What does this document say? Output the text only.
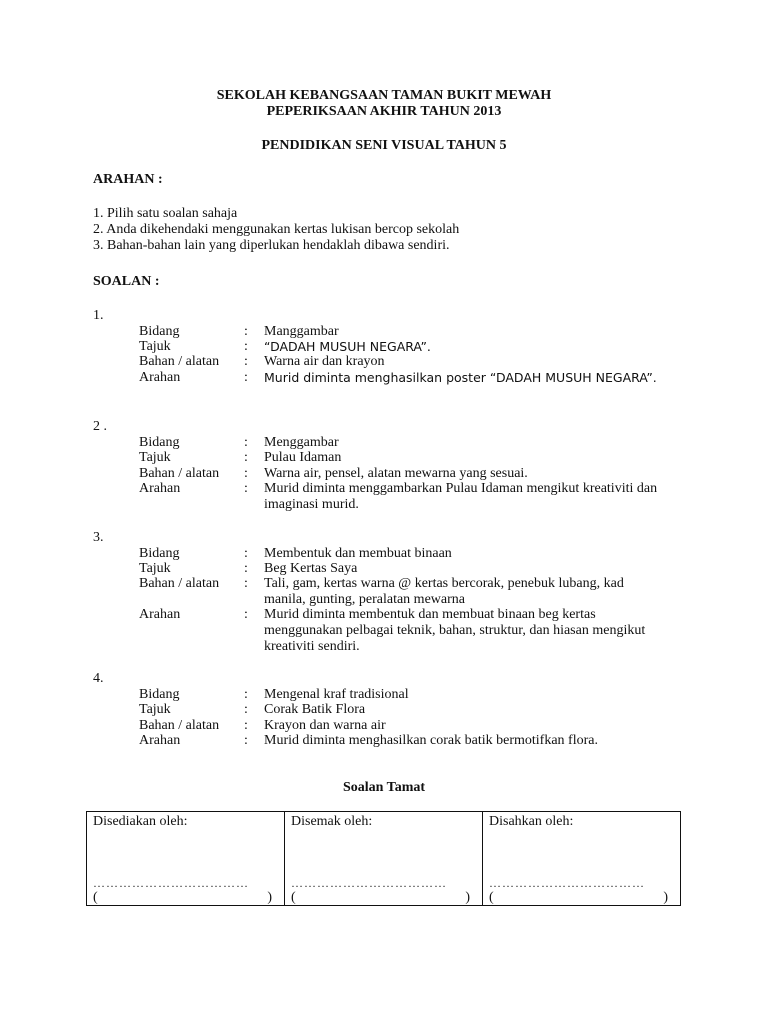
SEKOLAH KEBANGSAAN TAMAN BUKIT MEWAH
PEPERIKSAAN AKHIR TAHUN 2013
PENDIDIKAN SENI VISUAL TAHUN 5
ARAHAN :
1. Pilih satu soalan sahaja
2. Anda dikehendaki menggunakan kertas lukisan bercop sekolah
3. Bahan-bahan lain yang diperlukan hendaklah dibawa sendiri.
SOALAN :
1.
Bidang	:	Manggambar
Tajuk	:	“DADAH MUSUH NEGARA”.
Bahan / alatan	:	Warna air dan krayon
Arahan	:	Murid diminta menghasilkan poster “DADAH MUSUH NEGARA”.
2 .
Bidang	:	Menggambar
Tajuk	:	Pulau Idaman
Bahan / alatan	:	Warna air, pensel, alatan mewarna yang sesuai.
Arahan	:	Murid diminta menggambarkan Pulau Idaman mengikut kreativiti dan imaginasi murid.
3.
Bidang	:	Membentuk dan membuat binaan
Tajuk	:	Beg Kertas Saya
Bahan / alatan	:	Tali, gam, kertas warna @ kertas bercorak, penebuk lubang, kad manila, gunting, peralatan mewarna
Arahan	:	Murid diminta membentuk dan membuat binaan beg kertas menggunakan pelbagai teknik, bahan, struktur, dan hiasan mengikut kreativiti sendiri.
4.
Bidang	:	Mengenal kraf tradisional
Tajuk	:	Corak Batik Flora
Bahan / alatan	:	Krayon dan warna air
Arahan	:	Murid diminta menghasilkan corak batik bermotifkan flora.
Soalan Tamat
Disediakan oleh:
………………………………
(	)

Disemak oleh:
………………………………
(	)

Disahkan oleh:
………………………………
(	)
